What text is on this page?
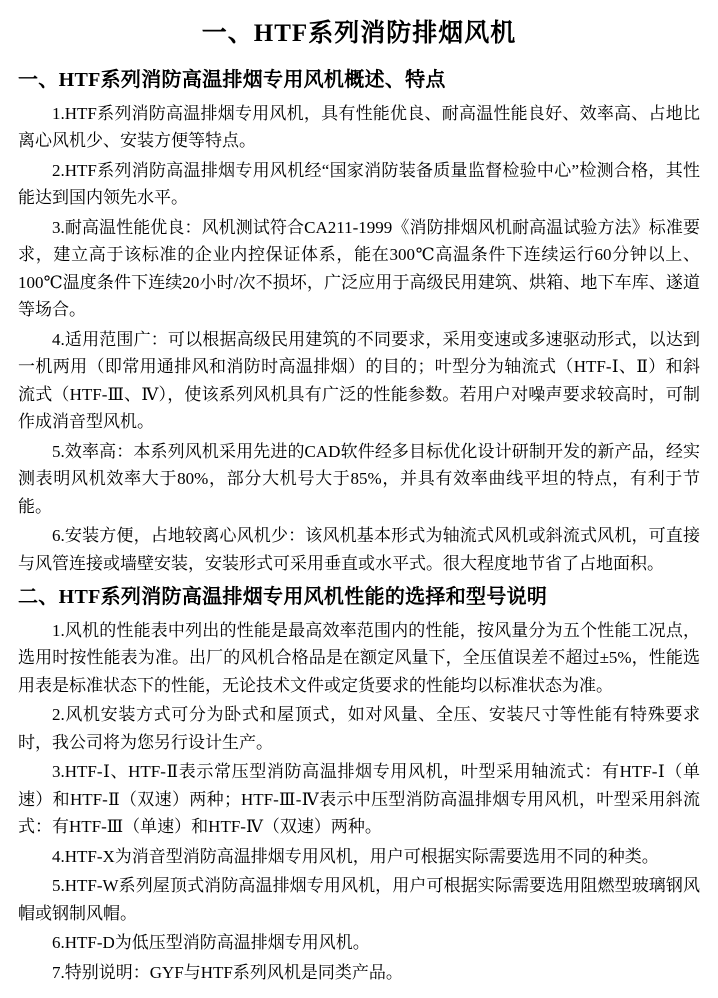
一、HTF系列消防排烟风机
一、HTF系列消防高温排烟专用风机概述、特点

1.HTF系列消防高温排烟专用风机，具有性能优良、耐高温性能良好、效率高、占地比离心风机少、安装方便等特点。

2.HTF系列消防高温排烟专用风机经“国家消防装备质量监督检验中心”检测合格，其性能达到国内领先水平。

3.耐高温性能优良：风机测试符合CA211-1999《消防排烟风机耐高温试验方法》标准要求，建立高于该标准的企业内控保证体系，能在300℃高温条件下连续运行60分钟以上、100℃温度条件下连续20小时/次不损坏，广泛应用于高级民用建筑、烘箱、地下车库、遂道等场合。

4.适用范围广：可以根据高级民用建筑的不同要求，采用变速或多速驱动形式，以达到一机两用（即常用通排风和消防时高温排烟）的目的；叶型分为轴流式（HTF-Ⅰ、Ⅱ）和斜流式（HTF-Ⅲ、Ⅳ），使该系列风机具有广泛的性能参数。若用户对噪声要求较高时，可制作成消音型风机。

5.效率高：本系列风机采用先进的CAD软件经多目标优化设计研制开发的新产品，经实测表明风机效率大于80%，部分大机号大于85%，并具有效率曲线平坦的特点，有利于节能。

6.安装方便，占地较离心风机少：该风机基本形式为轴流式风机或斜流式风机，可直接与风管连接或墙壁安装，安装形式可采用垂直或水平式。很大程度地节省了占地面积。

二、HTF系列消防高温排烟专用风机性能的选择和型号说明

1.风机的性能表中列出的性能是最高效率范围内的性能，按风量分为五个性能工况点，选用时按性能表为准。出厂的风机合格品是在额定风量下，全压值误差不超过±5%，性能选用表是标准状态下的性能，无论技术文件或定货要求的性能均以标准状态为准。

2.风机安装方式可分为卧式和屋顶式，如对风量、全压、安装尺寸等性能有特殊要求时，我公司将为您另行设计生产。

3.HTF-Ⅰ、HTF-Ⅱ表示常压型消防高温排烟专用风机，叶型采用轴流式：有HTF-Ⅰ（单速）和HTF-Ⅱ（双速）两种；HTF-Ⅲ-Ⅳ表示中压型消防高温排烟专用风机，叶型采用斜流式：有HTF-Ⅲ（单速）和HTF-Ⅳ（双速）两种。

4.HTF-X为消音型消防高温排烟专用风机，用户可根据实际需要选用不同的种类。

5.HTF-W系列屋顶式消防高温排烟专用风机，用户可根据实际需要选用阻燃型玻璃钢风帽或钢制风帽。

6.HTF-D为低压型消防高温排烟专用风机。

7.特别说明：GYF与HTF系列风机是同类产品。
